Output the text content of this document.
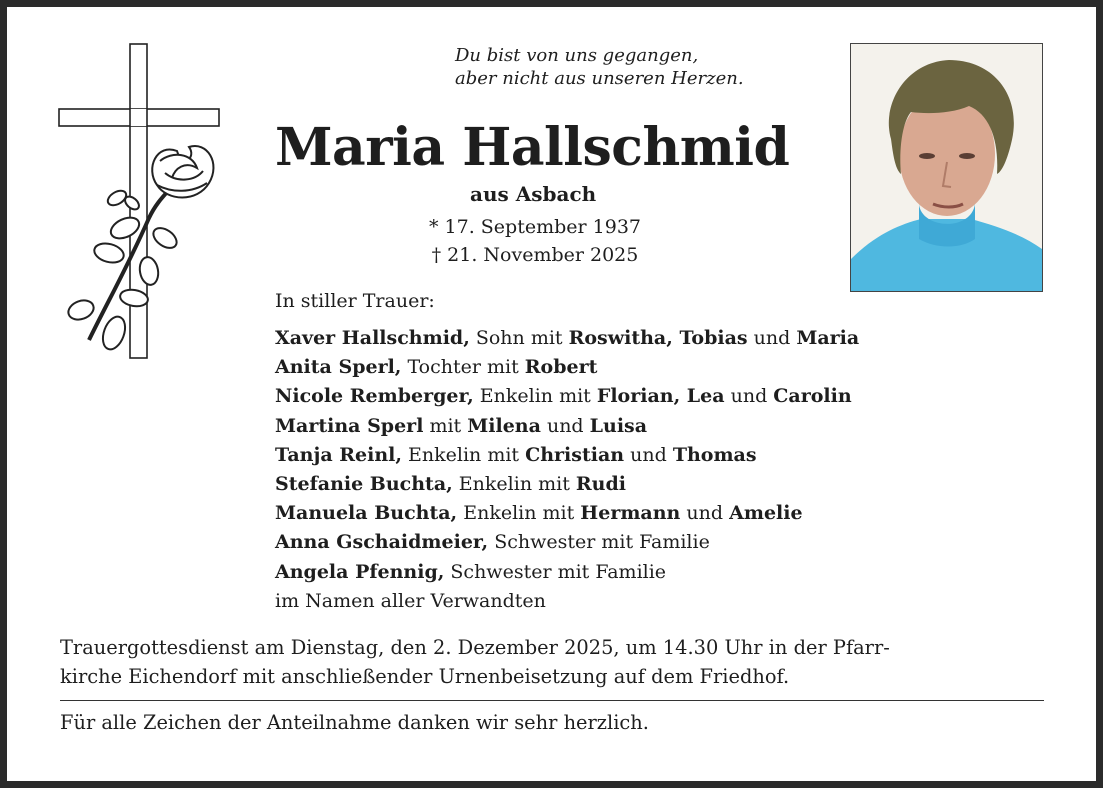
Du bist von uns gegangen,
aber nicht aus unseren Herzen.
Maria Hallschmid
aus Asbach
* 17. September 1937
† 21. November 2025
In stiller Trauer:
Xaver Hallschmid, Sohn mit Roswitha, Tobias und Maria
Anita Sperl, Tochter mit Robert
Nicole Remberger, Enkelin mit Florian, Lea und Carolin
Martina Sperl mit Milena und Luisa
Tanja Reinl, Enkelin mit Christian und Thomas
Stefanie Buchta, Enkelin mit Rudi
Manuela Buchta, Enkelin mit Hermann und Amelie
Anna Gschaidmeier, Schwester mit Familie
Angela Pfennig, Schwester mit Familie
im Namen aller Verwandten
Trauergottesdienst am Dienstag, den 2. Dezember 2025, um 14.30 Uhr in der Pfarr-
kirche Eichendorf mit anschließender Urnenbeisetzung auf dem Friedhof.
Für alle Zeichen der Anteilnahme danken wir sehr herzlich.
